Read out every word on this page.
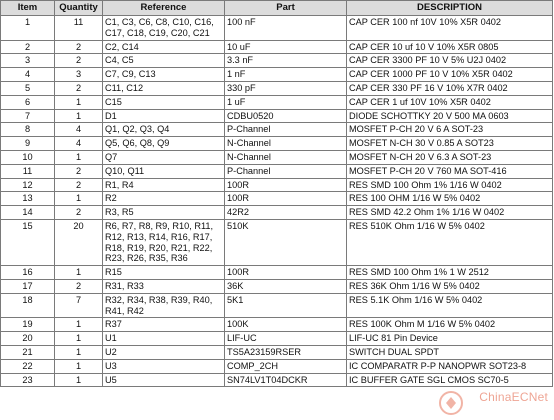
Item	Quantity	Reference	Part	DESCRIPTION
1	11	C1, C3, C6, C8, C10, C16,
C17, C18, C19, C20, C21	100 nF	CAP CER 100 nf 10V 10% X5R 0402
2	2	C2, C14	10 uF	CAP CER 10 uf 10 V 10% X5R 0805
3	2	C4, C5	3.3 nF	CAP CER 3300 PF 10 V 5% U2J 0402
4	3	C7, C9, C13	1 nF	CAP CER 1000 PF 10 V 10% X5R 0402
5	2	C11, C12	330 pF	CAP CER 330 PF 16 V 10% X7R 0402
6	1	C15	1 uF	CAP CER 1 uf 10V 10% X5R 0402
7	1	D1	CDBU0520	DIODE SCHOTTKY 20 V 500 MA 0603
8	4	Q1, Q2, Q3, Q4	P-Channel	MOSFET P-CH 20 V 6 A SOT-23
9	4	Q5, Q6, Q8, Q9	N-Channel	MOSFET N-CH 30 V 0.85 A SOT23
10	1	Q7	N-Channel	MOSFET N-CH 20 V 6.3 A SOT-23
11	2	Q10, Q11	P-Channel	MOSFET P-CH 20 V 760 MA SOT-416
12	2	R1, R4	100R	RES SMD 100 Ohm 1% 1/16 W 0402
13	1	R2	100R	RES 100 OHM 1/16 W 5% 0402
14	2	R3, R5	42R2	RES SMD 42.2 Ohm 1% 1/16 W 0402
15	20	R6, R7, R8, R9, R10, R11,
R12, R13, R14, R16, R17,
R18, R19, R20, R21, R22,
R23, R26, R35, R36	510K	RES 510K Ohm 1/16 W 5% 0402
16	1	R15	100R	RES SMD 100 Ohm 1% 1 W 2512
17	2	R31, R33	36K	RES 36K Ohm 1/16 W 5% 0402
18	7	R32, R34, R38, R39, R40,
R41, R42	5K1	RES 5.1K Ohm 1/16 W 5% 0402
19	1	R37	100K	RES 100K Ohm M 1/16 W 5% 0402
20	1	U1	LIF-UC	LIF-UC 81 Pin Device
21	1	U2	TS5A23159RSER	SWITCH DUAL SPDT
22	1	U3	COMP_2CH	IC COMPARATR P-P NANOPWR SOT23-8
23	1	U5	SN74LV1T04DCKR	IC BUFFER GATE SGL CMOS SC70-5
ChinaECNet
